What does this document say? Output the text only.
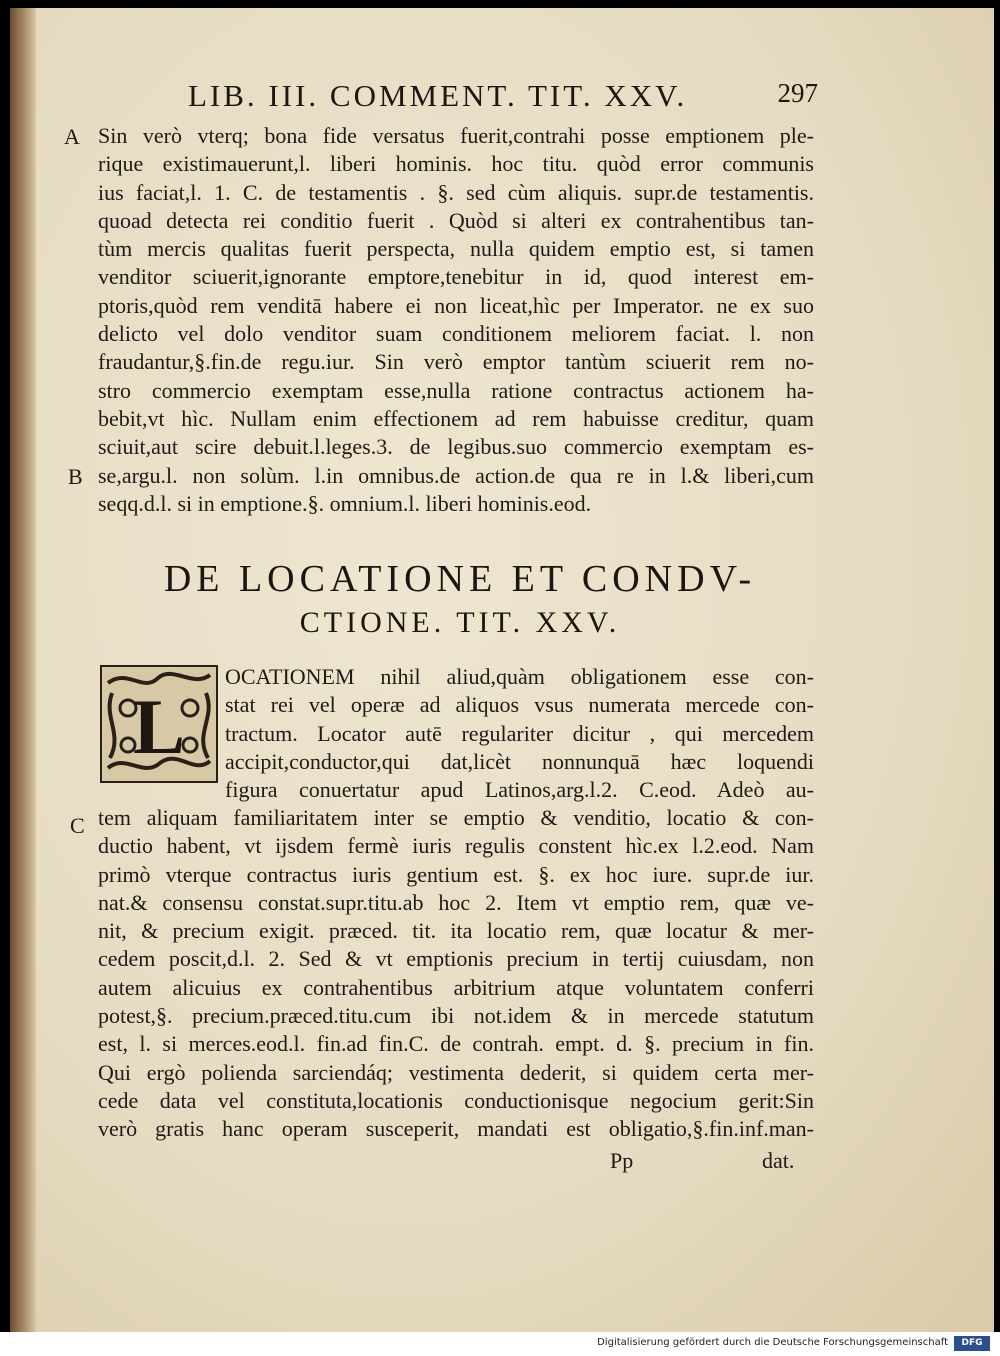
LIB. III. COMMENT. TIT. XXV.	297
A
B
C
Sin verò vterq; bona fide versatus fuerit,contrahi posse emptionem ple-
rique existimauerunt,l. liberi hominis. hoc titu. quòd error communis
ius faciat,l. 1. C. de testamentis . §. sed cùm aliquis. supr.de testamentis.
quoad detecta rei conditio fuerit . Quòd si alteri ex contrahentibus tan-
tùm mercis qualitas fuerit perspecta, nulla quidem emptio est, si tamen
venditor sciuerit,ignorante emptore,tenebitur in id, quod interest em-
ptoris,quòd rem venditā habere ei non liceat,hìc per Imperator. ne ex suo
delicto vel dolo venditor suam conditionem meliorem faciat. l. non
fraudantur,§.fin.de regu.iur. Sin verò emptor tantùm sciuerit rem no-
stro commercio exemptam esse,nulla ratione contractus actionem ha-
bebit,vt hìc. Nullam enim effectionem ad rem habuisse creditur, quam
sciuit,aut scire debuit.l.leges.3. de legibus.suo commercio exemptam es-
se,argu.l. non solùm. l.in omnibus.de action.de qua re in l.& liberi,cum
seqq.d.l. si in emptione.§. omnium.l. liberi hominis.eod.
DE LOCATIONE ET CONDV-
CTIONE. TIT. XXV.
L
OCATIONEM nihil aliud,quàm obligationem esse con-
stat rei vel operæ ad aliquos vsus numerata mercede con-
tractum. Locator autē regulariter dicitur , qui mercedem
accipit,conductor,qui dat,licèt nonnunquā hæc loquendi
figura conuertatur apud Latinos,arg.l.2. C.eod. Adeò au-
tem aliquam familiaritatem inter se emptio & venditio, locatio & con-
ductio habent, vt ijsdem fermè iuris regulis constent hìc.ex l.2.eod. Nam
primò vterque contractus iuris gentium est. §. ex hoc iure. supr.de iur.
nat.& consensu constat.supr.titu.ab hoc 2. Item vt emptio rem, quæ ve-
nit, & precium exigit. præced. tit. ita locatio rem, quæ locatur & mer-
cedem poscit,d.l. 2. Sed & vt emptionis precium in tertij cuiusdam, non
autem alicuius ex contrahentibus arbitrium atque voluntatem conferri
potest,§. precium.præced.titu.cum ibi not.idem & in mercede statutum
est, l. si merces.eod.l. fin.ad fin.C. de contrah. empt. d. §. precium in fin.
Qui ergò polienda sarciendáq; vestimenta dederit, si quidem certa mer-
cede data vel constituta,locationis conductionisque negocium gerit:Sin
verò gratis hanc operam susceperit, mandati est obligatio,§.fin.inf.man-
Pp	dat.
Digitalisierung gefördert durch die Deutsche Forschungsgemeinschaft	DFG
